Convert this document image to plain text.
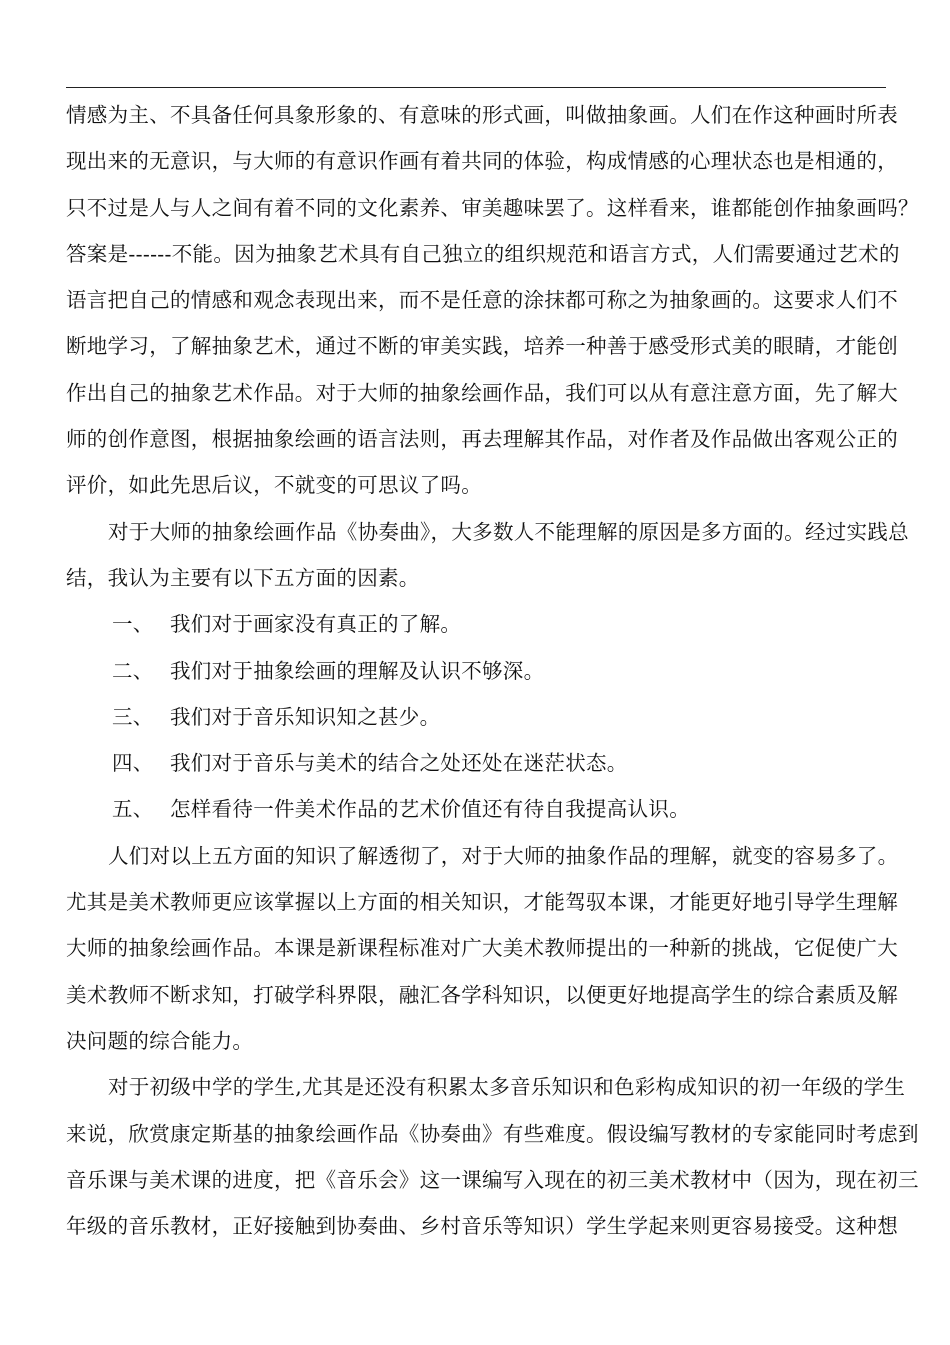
情感为主、不具备任何具象形象的、有意味的形式画，叫做抽象画。人们在作这种画时所表
现出来的无意识，与大师的有意识作画有着共同的体验，构成情感的心理状态也是相通的，
只不过是人与人之间有着不同的文化素养、审美趣味罢了。这样看来，谁都能创作抽象画吗？
答案是------不能。因为抽象艺术具有自己独立的组织规范和语言方式，人们需要通过艺术的
语言把自己的情感和观念表现出来，而不是任意的涂抹都可称之为抽象画的。这要求人们不
断地学习，了解抽象艺术，通过不断的审美实践，培养一种善于感受形式美的眼睛，才能创
作出自己的抽象艺术作品。对于大师的抽象绘画作品，我们可以从有意注意方面，先了解大
师的创作意图，根据抽象绘画的语言法则，再去理解其作品，对作者及作品做出客观公正的
评价，如此先思后议，不就变的可思议了吗。
对于大师的抽象绘画作品《协奏曲》，大多数人不能理解的原因是多方面的。经过实践总
结，我认为主要有以下五方面的因素。
一、 我们对于画家没有真正的了解。
二、 我们对于抽象绘画的理解及认识不够深。
三、 我们对于音乐知识知之甚少。
四、 我们对于音乐与美术的结合之处还处在迷茫状态。
五、 怎样看待一件美术作品的艺术价值还有待自我提高认识。
人们对以上五方面的知识了解透彻了，对于大师的抽象作品的理解，就变的容易多了。
尤其是美术教师更应该掌握以上方面的相关知识，才能驾驭本课，才能更好地引导学生理解
大师的抽象绘画作品。本课是新课程标准对广大美术教师提出的一种新的挑战，它促使广大
美术教师不断求知，打破学科界限，融汇各学科知识，以便更好地提高学生的综合素质及解
决问题的综合能力。
对于初级中学的学生,尤其是还没有积累太多音乐知识和色彩构成知识的初一年级的学生
来说，欣赏康定斯基的抽象绘画作品《协奏曲》有些难度。假设编写教材的专家能同时考虑到
音乐课与美术课的进度，把《音乐会》这一课编写入现在的初三美术教材中（因为，现在初三
年级的音乐教材，正好接触到协奏曲、乡村音乐等知识）学生学起来则更容易接受。这种想
